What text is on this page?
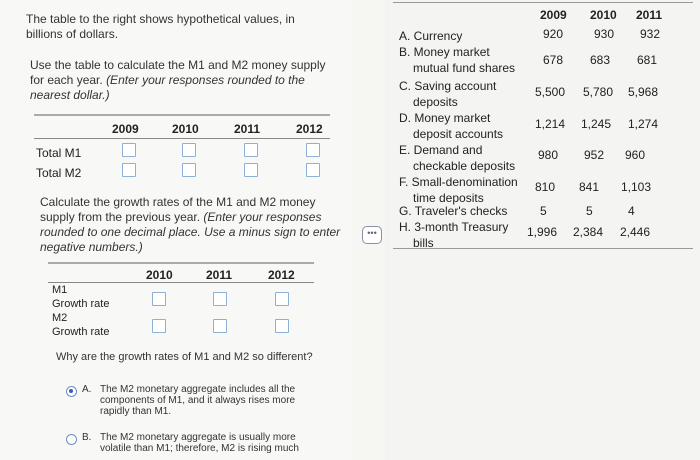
The table to the right shows hypothetical values, in
billions of dollars.
Use the table to calculate the M1 and M2 money supply
for each year. (Enter your responses rounded to the
nearest dollar.)
2009	2010	2011	2012
Total M1
Total M2
Calculate the growth rates of the M1 and M2 money
supply from the previous year. (Enter your responses
rounded to one decimal place. Use a minus sign to enter
negative numbers.)
2010	2011	2012
M1
Growth rate
M2
Growth rate
Why are the growth rates of M1 and M2 so different?
A. The M2 monetary aggregate includes all the
components of M1, and it always rises more
rapidly than M1.
B. The M2 monetary aggregate is usually more
volatile than M1; therefore, M2 is rising much
•••
2009 2010 2011
A. Currency	920	930 932
B. Money market
mutual fund shares
678 683 681
C. Saving account
deposits
5,500 5,780 5,968
D. Money market
deposit accounts
1,214 1,245 1,274
E. Demand and
checkable deposits
980 952 960
F. Small-denomination
time deposits
810 841 1,103
G. Traveler's checks	5	5	4
H. 3-month Treasury
bills
1,996 2,384 2,446
